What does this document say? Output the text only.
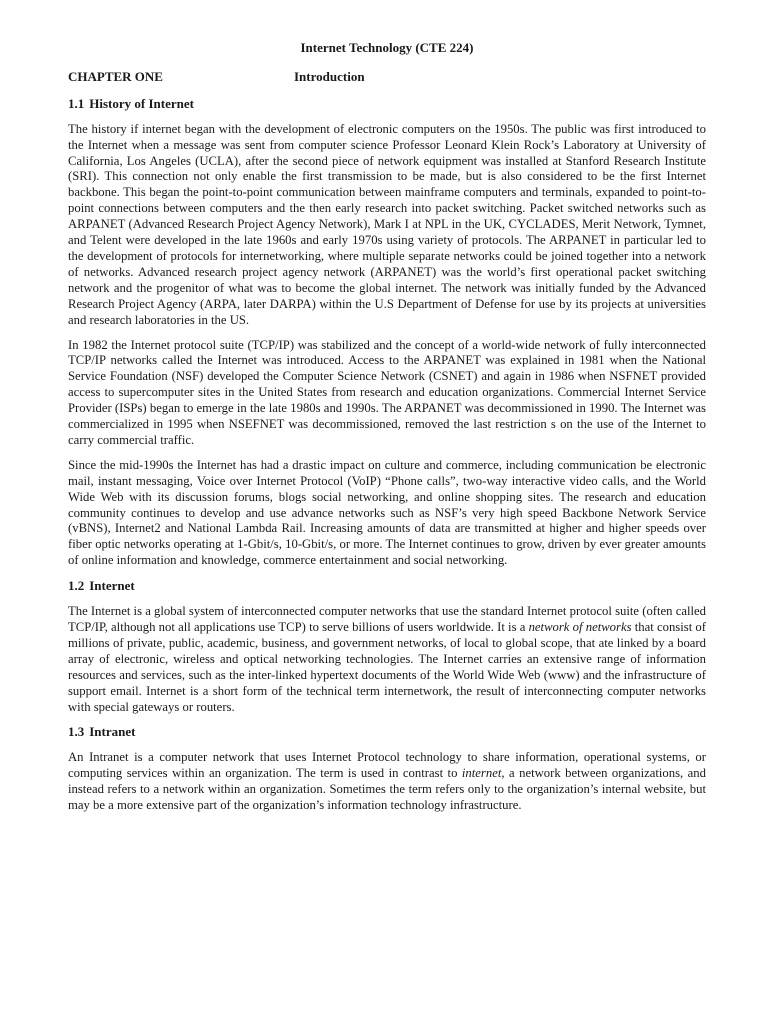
Internet Technology (CTE 224)
CHAPTER ONE	Introduction
1.1 History of Internet

The history if internet began with the development of electronic computers on the 1950s. The public was first introduced to the Internet when a message was sent from computer science Professor Leonard Klein Rock’s Laboratory at University of California, Los Angeles (UCLA), after the second piece of network equipment was installed at Stanford Research Institute (SRI). This connection not only enable the first transmission to be made, but is also considered to be the first Internet backbone. This began the point-to-point communication between mainframe computers and terminals, expanded to point-to-point connections between computers and the then early research into packet switching. Packet switched networks such as ARPANET (Advanced Research Project Agency Network), Mark I at NPL in the UK, CYCLADES, Merit Network, Tymnet, and Telent were developed in the late 1960s and early 1970s using variety of protocols. The ARPANET in particular led to the development of protocols for internetworking, where multiple separate networks could be joined together into a network of networks. Advanced research project agency network (ARPANET) was the world’s first operational packet switching network and the progenitor of what was to become the global internet. The network was initially funded by the Advanced Research Project Agency (ARPA, later DARPA) within the U.S Department of Defense for use by its projects at universities and research laboratories in the US.

In 1982 the Internet protocol suite (TCP/IP) was stabilized and the concept of a world-wide network of fully interconnected TCP/IP networks called the Internet was introduced. Access to the ARPANET was explained in 1981 when the National Service Foundation (NSF) developed the Computer Science Network (CSNET) and again in 1986 when NSFNET provided access to supercomputer sites in the United States from research and education organizations. Commercial Internet Service Provider (ISPs) began to emerge in the late 1980s and 1990s. The ARPANET was decommissioned in 1990. The Internet was commercialized in 1995 when NSEFNET was decommissioned, removed the last restriction s on the use of the Internet to carry commercial traffic.

Since the mid-1990s the Internet has had a drastic impact on culture and commerce, including communication be electronic mail, instant messaging, Voice over Internet Protocol (VoIP) “Phone calls”, two-way interactive video calls, and the World Wide Web with its discussion forums, blogs social networking, and online shopping sites. The research and education community continues to develop and use advance networks such as NSF’s very high speed Backbone Network Service (vBNS), Internet2 and National Lambda Rail. Increasing amounts of data are transmitted at higher and higher speeds over fiber optic networks operating at 1-Gbit/s, 10-Gbit/s, or more. The Internet continues to grow, driven by ever greater amounts of online information and knowledge, commerce entertainment and social networking.

1.2 Internet

The Internet is a global system of interconnected computer networks that use the standard Internet protocol suite (often called TCP/IP, although not all applications use TCP) to serve billions of users worldwide. It is a network of networks that consist of millions of private, public, academic, business, and government networks, of local to global scope, that ate linked by a board array of electronic, wireless and optical networking technologies. The Internet carries an extensive range of information resources and services, such as the inter-linked hypertext documents of the World Wide Web (www) and the infrastructure of support email. Internet is a short form of the technical term internetwork, the result of interconnecting computer networks with special gateways or routers.

1.3 Intranet

An Intranet is a computer network that uses Internet Protocol technology to share information, operational systems, or computing services within an organization. The term is used in contrast to internet, a network between organizations, and instead refers to a network within an organization. Sometimes the term refers only to the organization’s internal website, but may be a more extensive part of the organization’s information technology infrastructure.
